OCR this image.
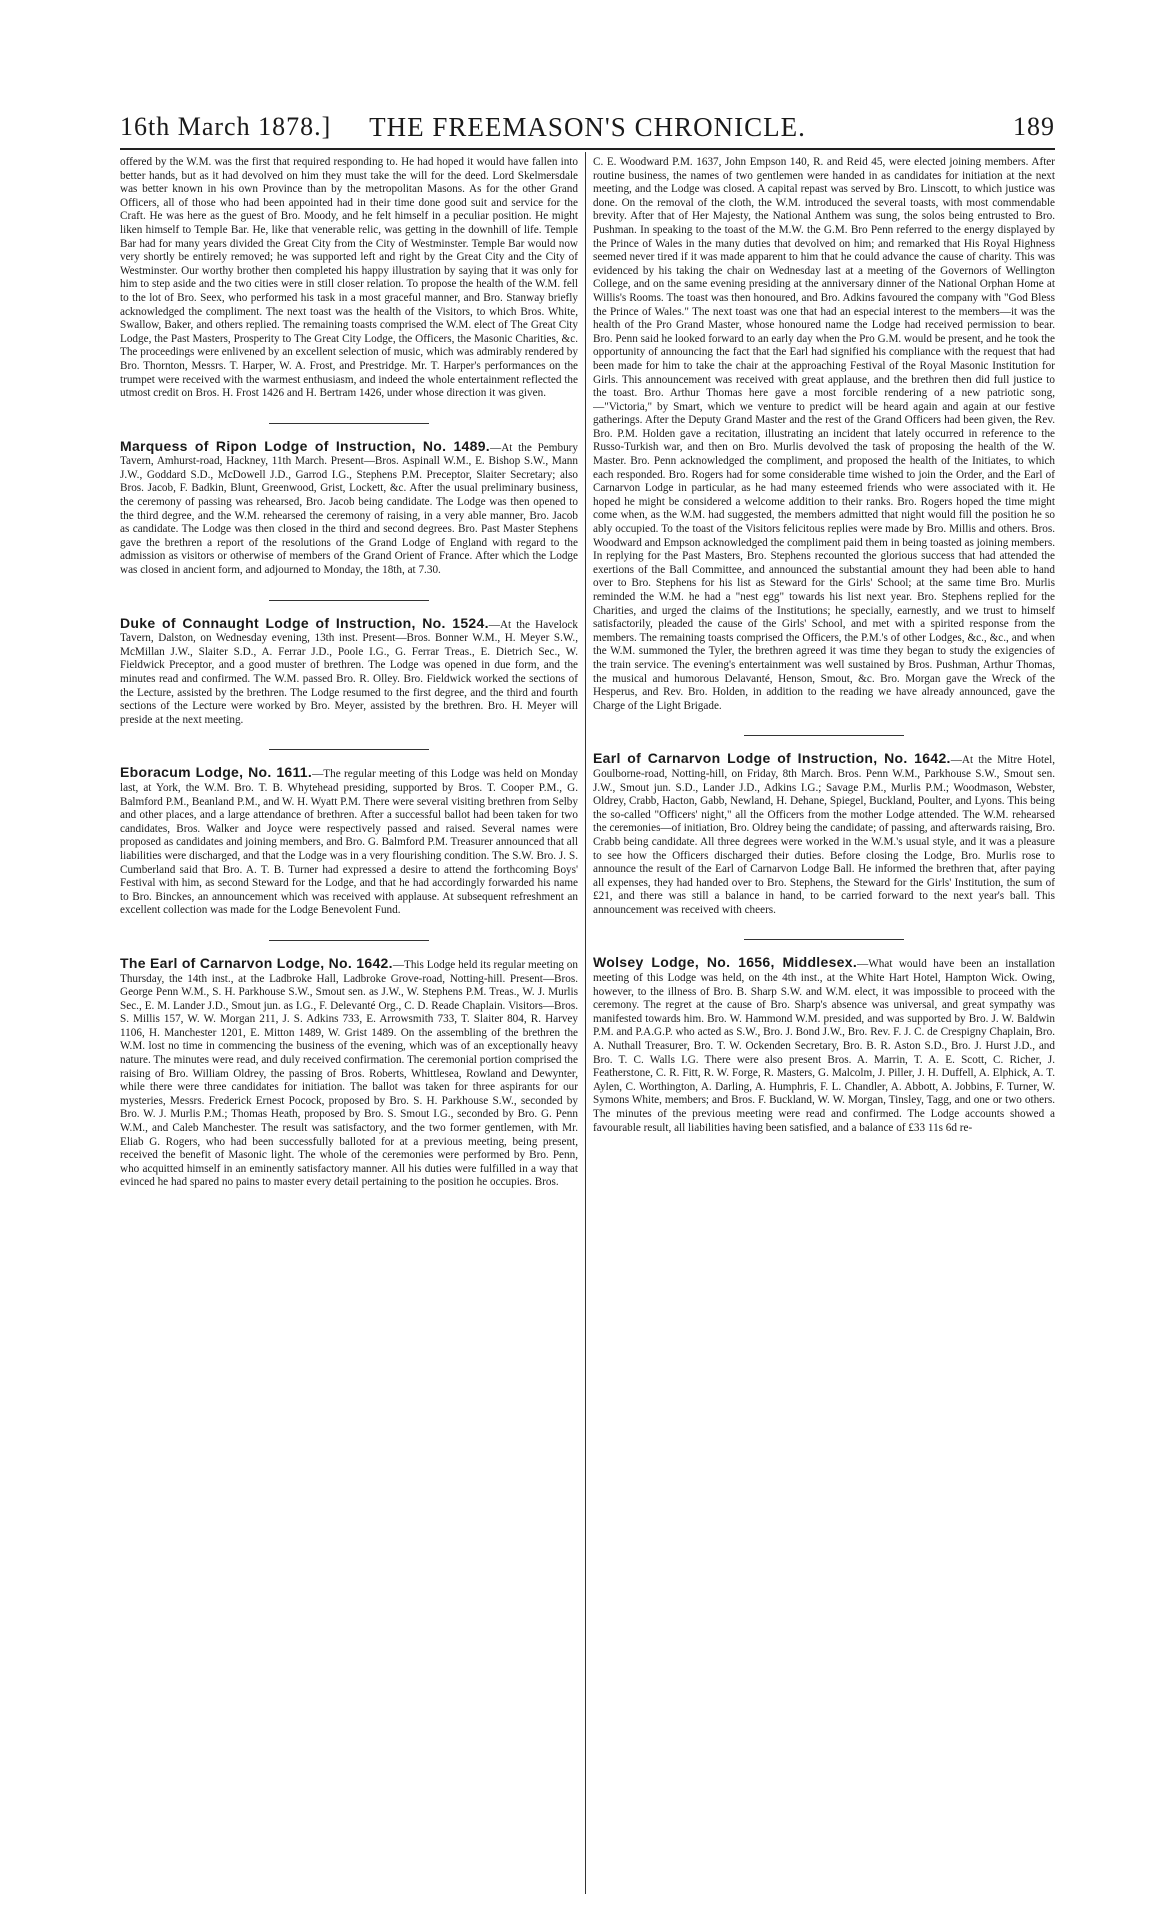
16th March 1878.]	THE FREEMASON'S CHRONICLE.	189

offered by the W.M. was the first that required responding to. He had hoped it would have fallen into better hands, but as it had devolved on him they must take the will for the deed. Lord Skelmersdale was better known in his own Province than by the metropolitan Masons. As for the other Grand Officers, all of those who had been appointed had in their time done good suit and service for the Craft. He was here as the guest of Bro. Moody, and he felt himself in a peculiar position. He might liken himself to Temple Bar. He, like that venerable relic, was getting in the downhill of life. Temple Bar had for many years divided the Great City from the City of Westminster. Temple Bar would now very shortly be entirely removed; he was supported left and right by the Great City and the City of Westminster. Our worthy brother then completed his happy illustration by saying that it was only for him to step aside and the two cities were in still closer relation. To propose the health of the W.M. fell to the lot of Bro. Seex, who performed his task in a most graceful manner, and Bro. Stanway briefly acknowledged the compliment. The next toast was the health of the Visitors, to which Bros. White, Swallow, Baker, and others replied. The remaining toasts comprised the W.M. elect of The Great City Lodge, the Past Masters, Prosperity to The Great City Lodge, the Officers, the Masonic Charities, &c. The proceedings were enlivened by an excellent selection of music, which was admirably rendered by Bro. Thornton, Messrs. T. Harper, W. A. Frost, and Prestridge. Mr. T. Harper's performances on the trumpet were received with the warmest enthusiasm, and indeed the whole entertainment reflected the utmost credit on Bros. H. Frost 1426 and H. Bertram 1426, under whose direction it was given.

Marquess of Ripon Lodge of Instruction, No. 1489.—At the Pembury Tavern, Amhurst-road, Hackney, 11th March. Present—Bros. Aspinall W.M., E. Bishop S.W., Mann J.W., Goddard S.D., McDowell J.D., Garrod I.G., Stephens P.M. Preceptor, Slaiter Secretary; also Bros. Jacob, F. Badkin, Blunt, Greenwood, Grist, Lockett, &c. After the usual preliminary business, the ceremony of passing was rehearsed, Bro. Jacob being candidate. The Lodge was then opened to the third degree, and the W.M. rehearsed the ceremony of raising, in a very able manner, Bro. Jacob as candidate. The Lodge was then closed in the third and second degrees. Bro. Past Master Stephens gave the brethren a report of the resolutions of the Grand Lodge of England with regard to the admission as visitors or otherwise of members of the Grand Orient of France. After which the Lodge was closed in ancient form, and adjourned to Monday, the 18th, at 7.30.

Duke of Connaught Lodge of Instruction, No. 1524.—At the Havelock Tavern, Dalston, on Wednesday evening, 13th inst. Present—Bros. Bonner W.M., H. Meyer S.W., McMillan J.W., Slaiter S.D., A. Ferrar J.D., Poole I.G., G. Ferrar Treas., E. Dietrich Sec., W. Fieldwick Preceptor, and a good muster of brethren. The Lodge was opened in due form, and the minutes read and confirmed. The W.M. passed Bro. R. Olley. Bro. Fieldwick worked the sections of the Lecture, assisted by the brethren. The Lodge resumed to the first degree, and the third and fourth sections of the Lecture were worked by Bro. Meyer, assisted by the brethren. Bro. H. Meyer will preside at the next meeting.

Eboracum Lodge, No. 1611.—The regular meeting of this Lodge was held on Monday last, at York, the W.M. Bro. T. B. Whytehead presiding, supported by Bros. T. Cooper P.M., G. Balmford P.M., Beanland P.M., and W. H. Wyatt P.M. There were several visiting brethren from Selby and other places, and a large attendance of brethren. After a successful ballot had been taken for two candidates, Bros. Walker and Joyce were respectively passed and raised. Several names were proposed as candidates and joining members, and Bro. G. Balmford P.M. Treasurer announced that all liabilities were discharged, and that the Lodge was in a very flourishing condition. The S.W. Bro. J. S. Cumberland said that Bro. A. T. B. Turner had expressed a desire to attend the forthcoming Boys' Festival with him, as second Steward for the Lodge, and that he had accordingly forwarded his name to Bro. Binckes, an announcement which was received with applause. At subsequent refreshment an excellent collection was made for the Lodge Benevolent Fund.

The Earl of Carnarvon Lodge, No. 1642.—This Lodge held its regular meeting on Thursday, the 14th inst., at the Ladbroke Hall, Ladbroke Grove-road, Notting-hill. Present—Bros. George Penn W.M., S. H. Parkhouse S.W., Smout sen. as J.W., W. Stephens P.M. Treas., W. J. Murlis Sec., E. M. Lander J.D., Smout jun. as I.G., F. Delevanté Org., C. D. Reade Chaplain. Visitors—Bros. S. Millis 157, W. W. Morgan 211, J. S. Adkins 733, E. Arrowsmith 733, T. Slaiter 804, R. Harvey 1106, H. Manchester 1201, E. Mitton 1489, W. Grist 1489. On the assembling of the brethren the W.M. lost no time in commencing the business of the evening, which was of an exceptionally heavy nature. The minutes were read, and duly received confirmation. The ceremonial portion comprised the raising of Bro. William Oldrey, the passing of Bros. Roberts, Whittlesea, Rowland and Dewynter, while there were three candidates for initiation. The ballot was taken for three aspirants for our mysteries, Messrs. Frederick Ernest Pocock, proposed by Bro. S. H. Parkhouse S.W., seconded by Bro. W. J. Murlis P.M.; Thomas Heath, proposed by Bro. S. Smout I.G., seconded by Bro. G. Penn W.M., and Caleb Manchester. The result was satisfactory, and the two former gentlemen, with Mr. Eliab G. Rogers, who had been successfully balloted for at a previous meeting, being present, received the benefit of Masonic light. The whole of the ceremonies were performed by Bro. Penn, who acquitted himself in an eminently satisfactory manner. All his duties were fulfilled in a way that evinced he had spared no pains to master every detail pertaining to the position he occupies. Bros.

C. E. Woodward P.M. 1637, John Empson 140, R. and Reid 45, were elected joining members. After routine business, the names of two gentlemen were handed in as candidates for initiation at the next meeting, and the Lodge was closed. A capital repast was served by Bro. Linscott, to which justice was done. On the removal of the cloth, the W.M. introduced the several toasts, with most commendable brevity. After that of Her Majesty, the National Anthem was sung, the solos being entrusted to Bro. Pushman. In speaking to the toast of the M.W. the G.M. Bro Penn referred to the energy displayed by the Prince of Wales in the many duties that devolved on him; and remarked that His Royal Highness seemed never tired if it was made apparent to him that he could advance the cause of charity. This was evidenced by his taking the chair on Wednesday last at a meeting of the Governors of Wellington College, and on the same evening presiding at the anniversary dinner of the National Orphan Home at Willis's Rooms. The toast was then honoured, and Bro. Adkins favoured the company with "God Bless the Prince of Wales." The next toast was one that had an especial interest to the members—it was the health of the Pro Grand Master, whose honoured name the Lodge had received permission to bear. Bro. Penn said he looked forward to an early day when the Pro G.M. would be present, and he took the opportunity of announcing the fact that the Earl had signified his compliance with the request that had been made for him to take the chair at the approaching Festival of the Royal Masonic Institution for Girls. This announcement was received with great applause, and the brethren then did full justice to the toast. Bro. Arthur Thomas here gave a most forcible rendering of a new patriotic song,—"Victoria," by Smart, which we venture to predict will be heard again and again at our festive gatherings. After the Deputy Grand Master and the rest of the Grand Officers had been given, the Rev. Bro. P.M. Holden gave a recitation, illustrating an incident that lately occurred in reference to the Russo-Turkish war, and then on Bro. Murlis devolved the task of proposing the health of the W. Master. Bro. Penn acknowledged the compliment, and proposed the health of the Initiates, to which each responded. Bro. Rogers had for some considerable time wished to join the Order, and the Earl of Carnarvon Lodge in particular, as he had many esteemed friends who were associated with it. He hoped he might be considered a welcome addition to their ranks. Bro. Rogers hoped the time might come when, as the W.M. had suggested, the members admitted that night would fill the position he so ably occupied. To the toast of the Visitors felicitous replies were made by Bro. Millis and others. Bros. Woodward and Empson acknowledged the compliment paid them in being toasted as joining members. In replying for the Past Masters, Bro. Stephens recounted the glorious success that had attended the exertions of the Ball Committee, and announced the substantial amount they had been able to hand over to Bro. Stephens for his list as Steward for the Girls' School; at the same time Bro. Murlis reminded the W.M. he had a "nest egg" towards his list next year. Bro. Stephens replied for the Charities, and urged the claims of the Institutions; he specially, earnestly, and we trust to himself satisfactorily, pleaded the cause of the Girls' School, and met with a spirited response from the members. The remaining toasts comprised the Officers, the P.M.'s of other Lodges, &c., &c., and when the W.M. summoned the Tyler, the brethren agreed it was time they began to study the exigencies of the train service. The evening's entertainment was well sustained by Bros. Pushman, Arthur Thomas, the musical and humorous Delavanté, Henson, Smout, &c. Bro. Morgan gave the Wreck of the Hesperus, and Rev. Bro. Holden, in addition to the reading we have already announced, gave the Charge of the Light Brigade.

Earl of Carnarvon Lodge of Instruction, No. 1642.—At the Mitre Hotel, Goulborne-road, Notting-hill, on Friday, 8th March. Bros. Penn W.M., Parkhouse S.W., Smout sen. J.W., Smout jun. S.D., Lander J.D., Adkins I.G.; Savage P.M., Murlis P.M.; Woodmason, Webster, Oldrey, Crabb, Hacton, Gabb, Newland, H. Dehane, Spiegel, Buckland, Poulter, and Lyons. This being the so-called "Officers' night," all the Officers from the mother Lodge attended. The W.M. rehearsed the ceremonies—of initiation, Bro. Oldrey being the candidate; of passing, and afterwards raising, Bro. Crabb being candidate. All three degrees were worked in the W.M.'s usual style, and it was a pleasure to see how the Officers discharged their duties. Before closing the Lodge, Bro. Murlis rose to announce the result of the Earl of Carnarvon Lodge Ball. He informed the brethren that, after paying all expenses, they had handed over to Bro. Stephens, the Steward for the Girls' Institution, the sum of £21, and there was still a balance in hand, to be carried forward to the next year's ball. This announcement was received with cheers.

Wolsey Lodge, No. 1656, Middlesex.—What would have been an installation meeting of this Lodge was held, on the 4th inst., at the White Hart Hotel, Hampton Wick. Owing, however, to the illness of Bro. B. Sharp S.W. and W.M. elect, it was impossible to proceed with the ceremony. The regret at the cause of Bro. Sharp's absence was universal, and great sympathy was manifested towards him. Bro. W. Hammond W.M. presided, and was supported by Bro. J. W. Baldwin P.M. and P.A.G.P. who acted as S.W., Bro. J. Bond J.W., Bro. Rev. F. J. C. de Crespigny Chaplain, Bro. A. Nuthall Treasurer, Bro. T. W. Ockenden Secretary, Bro. B. R. Aston S.D., Bro. J. Hurst J.D., and Bro. T. C. Walls I.G. There were also present Bros. A. Marrin, T. A. E. Scott, C. Richer, J. Featherstone, C. R. Fitt, R. W. Forge, R. Masters, G. Malcolm, J. Piller, J. H. Duffell, A. Elphick, A. T. Aylen, C. Worthington, A. Darling, A. Humphris, F. L. Chandler, A. Abbott, A. Jobbins, F. Turner, W. Symons White, members; and Bros. F. Buckland, W. W. Morgan, Tinsley, Tagg, and one or two others. The minutes of the previous meeting were read and confirmed. The Lodge accounts showed a favourable result, all liabilities having been satisfied, and a balance of £33 11s 6d re-
